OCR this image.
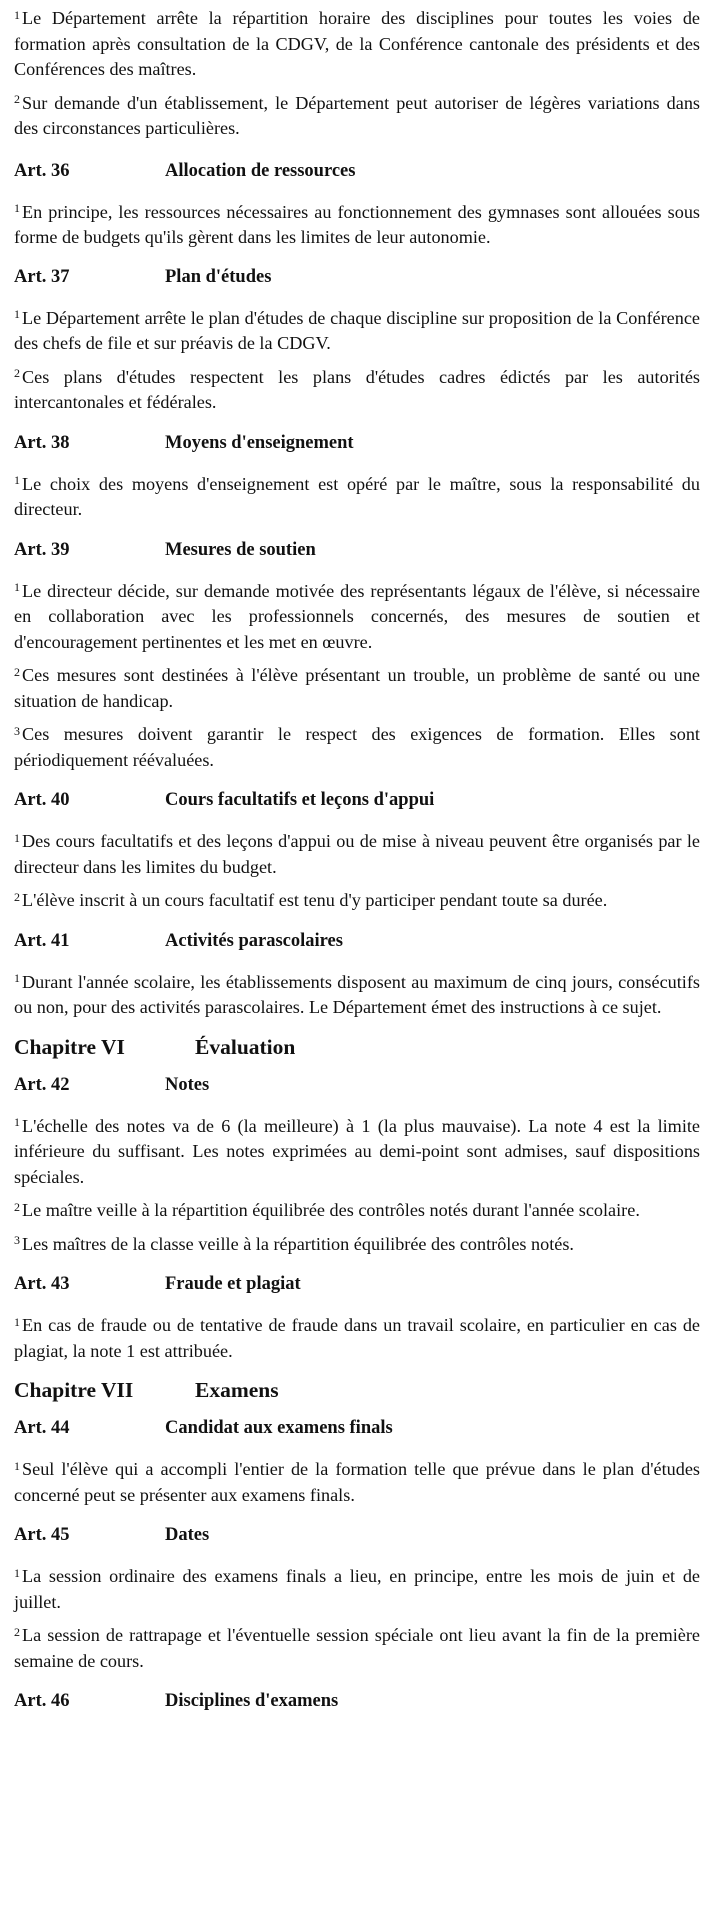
$^1$ Le Département arrête la répartition horaire des disciplines pour toutes les voies de formation après consultation de la CDGV, de la Conférence cantonale des présidents et des Conférences des maîtres.

$^2$ Sur demande d'un établissement, le Département peut autoriser de légères variations dans des circonstances particulières.

Art. 36	Allocation de ressources

$^1$ En principe, les ressources nécessaires au fonctionnement des gymnases sont allouées sous forme de budgets qu'ils gèrent dans les limites de leur autonomie.

Art. 37	Plan d'études

$^1$ Le Département arrête le plan d'études de chaque discipline sur proposition de la Conférence des chefs de file et sur préavis de la CDGV.

$^2$ Ces plans d'études respectent les plans d'études cadres édictés par les autorités intercantonales et fédérales.

Art. 38	Moyens d'enseignement

$^1$ Le choix des moyens d'enseignement est opéré par le maître, sous la responsabilité du directeur.

Art. 39	Mesures de soutien

$^1$ Le directeur décide, sur demande motivée des représentants légaux de l'élève, si nécessaire en collaboration avec les professionnels concernés, des mesures de soutien et d'encouragement pertinentes et les met en œuvre.

$^2$ Ces mesures sont destinées à l'élève présentant un trouble, un problème de santé ou une situation de handicap.

$^3$ Ces mesures doivent garantir le respect des exigences de formation. Elles sont périodiquement réévaluées.

Art. 40	Cours facultatifs et leçons d'appui

$^1$ Des cours facultatifs et des leçons d'appui ou de mise à niveau peuvent être organisés par le directeur dans les limites du budget.

$^2$ L'élève inscrit à un cours facultatif est tenu d'y participer pendant toute sa durée.

Art. 41	Activités parascolaires

$^1$ Durant l'année scolaire, les établissements disposent au maximum de cinq jours, consécutifs ou non, pour des activités parascolaires. Le Département émet des instructions à ce sujet.

Chapitre VI	Évaluation
Art. 42	Notes

$^1$ L'échelle des notes va de 6 (la meilleure) à 1 (la plus mauvaise). La note 4 est la limite inférieure du suffisant. Les notes exprimées au demi-point sont admises, sauf dispositions spéciales.

$^2$ Le maître veille à la répartition équilibrée des contrôles notés durant l'année scolaire.

$^3$ Les maîtres de la classe veille à la répartition équilibrée des contrôles notés.

Art. 43	Fraude et plagiat

$^1$ En cas de fraude ou de tentative de fraude dans un travail scolaire, en particulier en cas de plagiat, la note 1 est attribuée.

Chapitre VII	Examens
Art. 44	Candidat aux examens finals

$^1$ Seul l'élève qui a accompli l'entier de la formation telle que prévue dans le plan d'études concerné peut se présenter aux examens finals.

Art. 45	Dates

$^1$ La session ordinaire des examens finals a lieu, en principe, entre les mois de juin et de juillet.

$^2$ La session de rattrapage et l'éventuelle session spéciale ont lieu avant la fin de la première semaine de cours.

Art. 46	Disciplines d'examens
